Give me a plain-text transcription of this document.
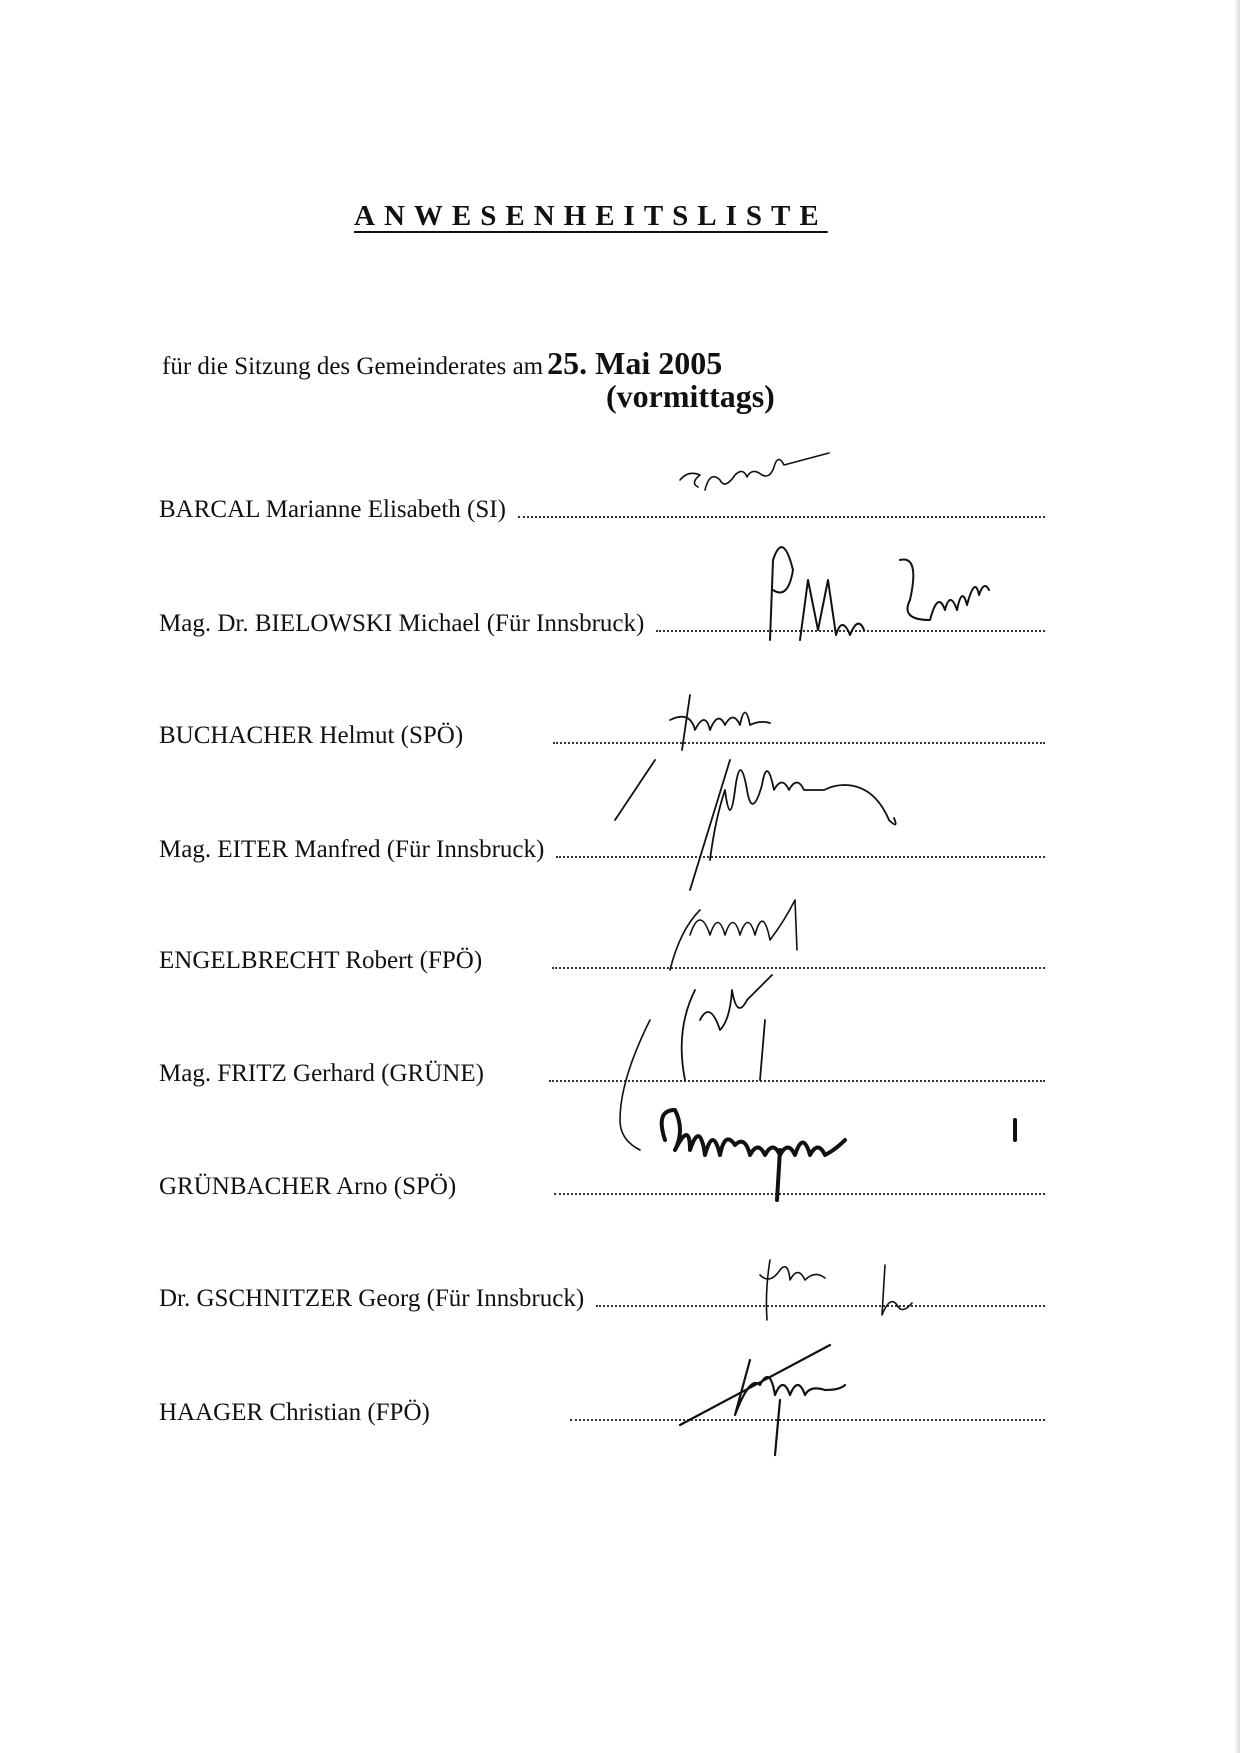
ANWESENHEITSLISTE
für die Sitzung des Gemeinderates am 25. Mai 2005
(vormittags)
BARCAL Marianne Elisabeth (SI)
Mag. Dr. BIELOWSKI Michael (Für Innsbruck)
BUCHACHER Helmut (SPÖ)
Mag. EITER Manfred (Für Innsbruck)
ENGELBRECHT Robert (FPÖ)
Mag. FRITZ Gerhard (GRÜNE)
GRÜNBACHER Arno (SPÖ)
Dr. GSCHNITZER Georg (Für Innsbruck)
HAAGER Christian (FPÖ)
